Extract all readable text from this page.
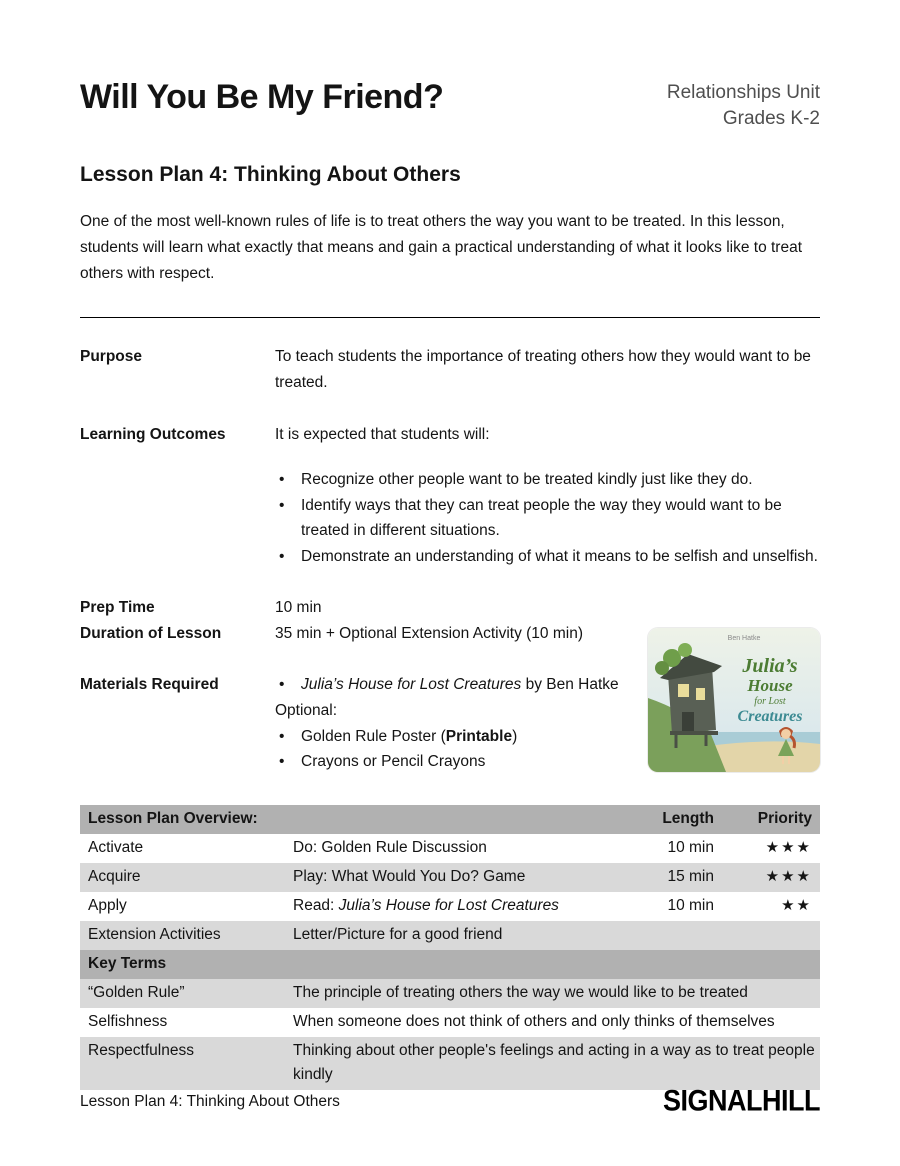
Will You Be My Friend?	Relationships Unit
Grades K-2
Lesson Plan 4: Thinking About Others

One of the most well-known rules of life is to treat others the way you want to be treated. In this lesson, students will learn what exactly that means and gain a practical understanding of what it looks like to treat others with respect.

Purpose	To teach students the importance of treating others how they would want to be treated.
Learning Outcomes	It is expected that students will:
•	Recognize other people want to be treated kindly just like they do.
•	Identify ways that they can treat people the way they would want to be treated in different situations.
•	Demonstrate an understanding of what it means to be selfish and unselfish.
Prep Time	10 min
Duration of Lesson	35 min + Optional Extension Activity (10 min)
Materials Required	•	Julia’s House for Lost Creatures by Ben Hatke
Optional:
•	Golden Rule Poster (Printable)
•	Crayons or Pencil Crayons
Lesson Plan Overview:	Length	Priority
Activate	Do: Golden Rule Discussion	10 min	★★★
Acquire	Play: What Would You Do? Game	15 min	★★★
Apply	Read: Julia’s House for Lost Creatures	10 min	★★
Extension Activities	Letter/Picture for a good friend
Key Terms
“Golden Rule”	The principle of treating others the way we would like to be treated
Selfishness	When someone does not think of others and only thinks of themselves
Respectfulness	Thinking about other people's feelings and acting in a way as to treat people kindly
Ben Hatke
Julia’s
House
for Lost
Creatures
Lesson Plan 4: Thinking About Others	SIGNALHILL
